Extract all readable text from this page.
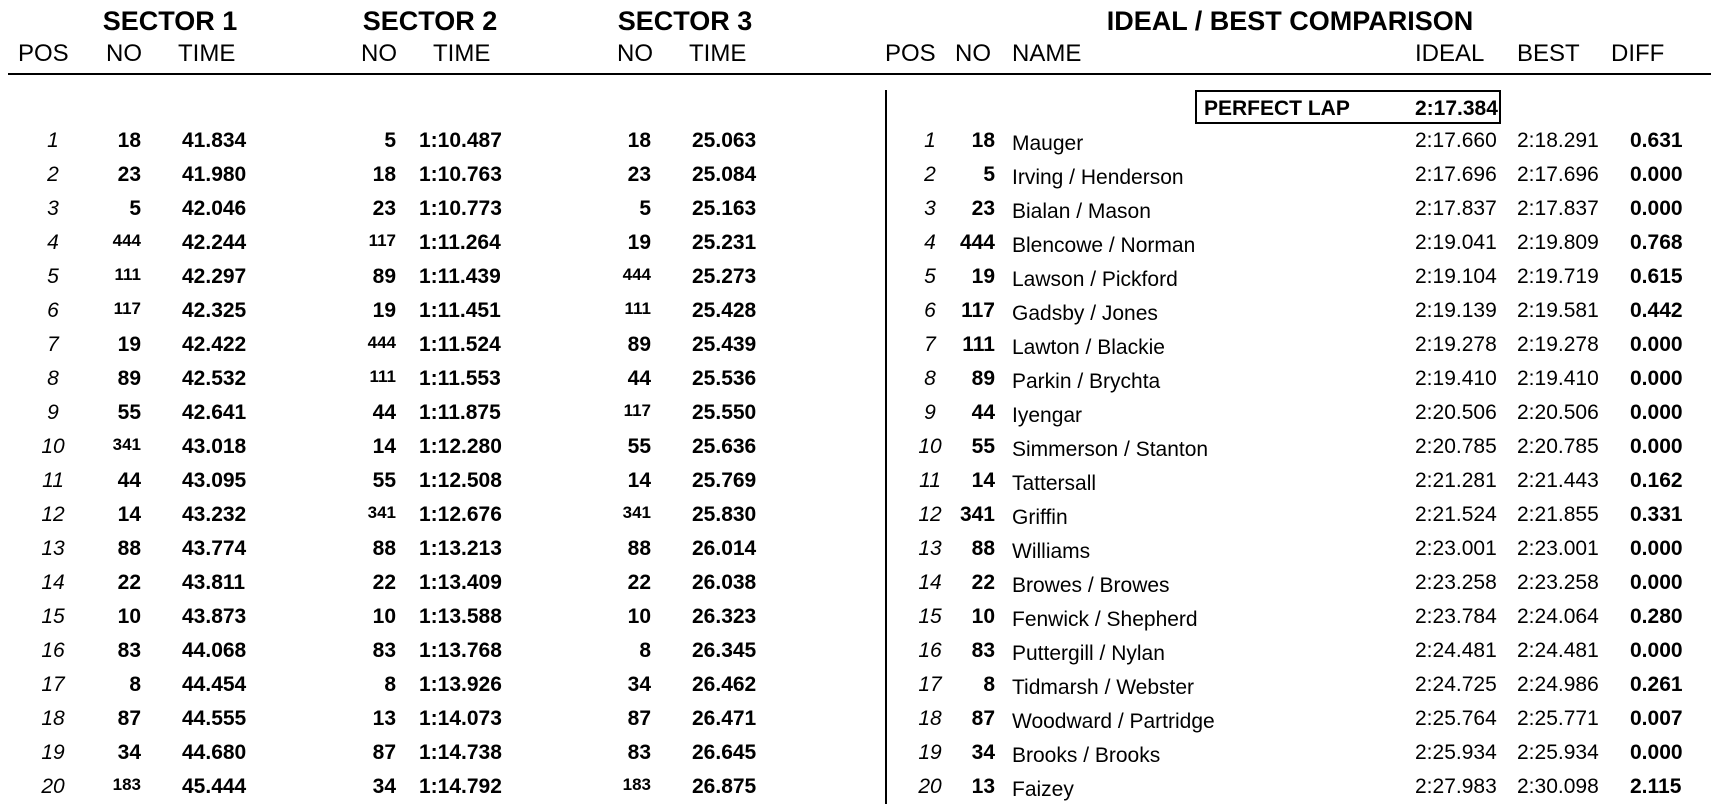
SECTOR 1	SECTOR 2	SECTOR 3	IDEAL / BEST COMPARISON
POS NO TIME	NO TIME	NO TIME	POS NO NAME	IDEAL BEST DIFF
PERFECT LAP	2:17.384
1	18 41.834	5 1:10.487	18 25.063
2	23 41.980	18 1:10.763	23 25.084
3	5 42.046	23 1:10.773	5 25.163
4	444 42.244	117 1:11.264	19 25.231
5	111 42.297	89 1:11.439	444 25.273
6	117 42.325	19 1:11.451	111 25.428
7	19 42.422	444 1:11.524	89 25.439
8	89 42.532	111 1:11.553	44 25.536
9	55 42.641	44 1:11.875	117 25.550
10	341 43.018	14 1:12.280	55 25.636
11	44 43.095	55 1:12.508	14 25.769
12	14 43.232	341 1:12.676	341 25.830
13	88 43.774	88 1:13.213	88 26.014
14	22 43.811	22 1:13.409	22 26.038
15	10 43.873	10 1:13.588	10 26.323
16	83 44.068	83 1:13.768	8 26.345
17	8 44.454	8 1:13.926	34 26.462
18	87 44.555	13 1:14.073	87 26.471
19	34 44.680	87 1:14.738	83 26.645
20	183 45.444	34 1:14.792	183 26.875
1	18 Mauger	2:17.660 2:18.291 0.631
2	5 Irving / Henderson	2:17.696 2:17.696 0.000
3	23 Bialan / Mason	2:17.837 2:17.837 0.000
4	444 Blencowe / Norman	2:19.041 2:19.809 0.768
5	19 Lawson / Pickford	2:19.104 2:19.719 0.615
6	117 Gadsby / Jones	2:19.139 2:19.581 0.442
7	111 Lawton / Blackie	2:19.278 2:19.278 0.000
8	89 Parkin / Brychta	2:19.410 2:19.410 0.000
9	44 Iyengar	2:20.506 2:20.506 0.000
10	55 Simmerson / Stanton	2:20.785 2:20.785 0.000
11	14 Tattersall	2:21.281 2:21.443 0.162
12 341 Griffin	2:21.524 2:21.855 0.331
13	88 Williams	2:23.001 2:23.001 0.000
14	22 Browes / Browes	2:23.258 2:23.258 0.000
15	10 Fenwick / Shepherd	2:23.784 2:24.064 0.280
16	83 Puttergill / Nylan	2:24.481 2:24.481 0.000
17	8 Tidmarsh / Webster	2:24.725 2:24.986 0.261
18	87 Woodward / Partridge	2:25.764 2:25.771 0.007
19	34 Brooks / Brooks	2:25.934 2:25.934 0.000
20	13 Faizey	2:27.983 2:30.098 2.115
